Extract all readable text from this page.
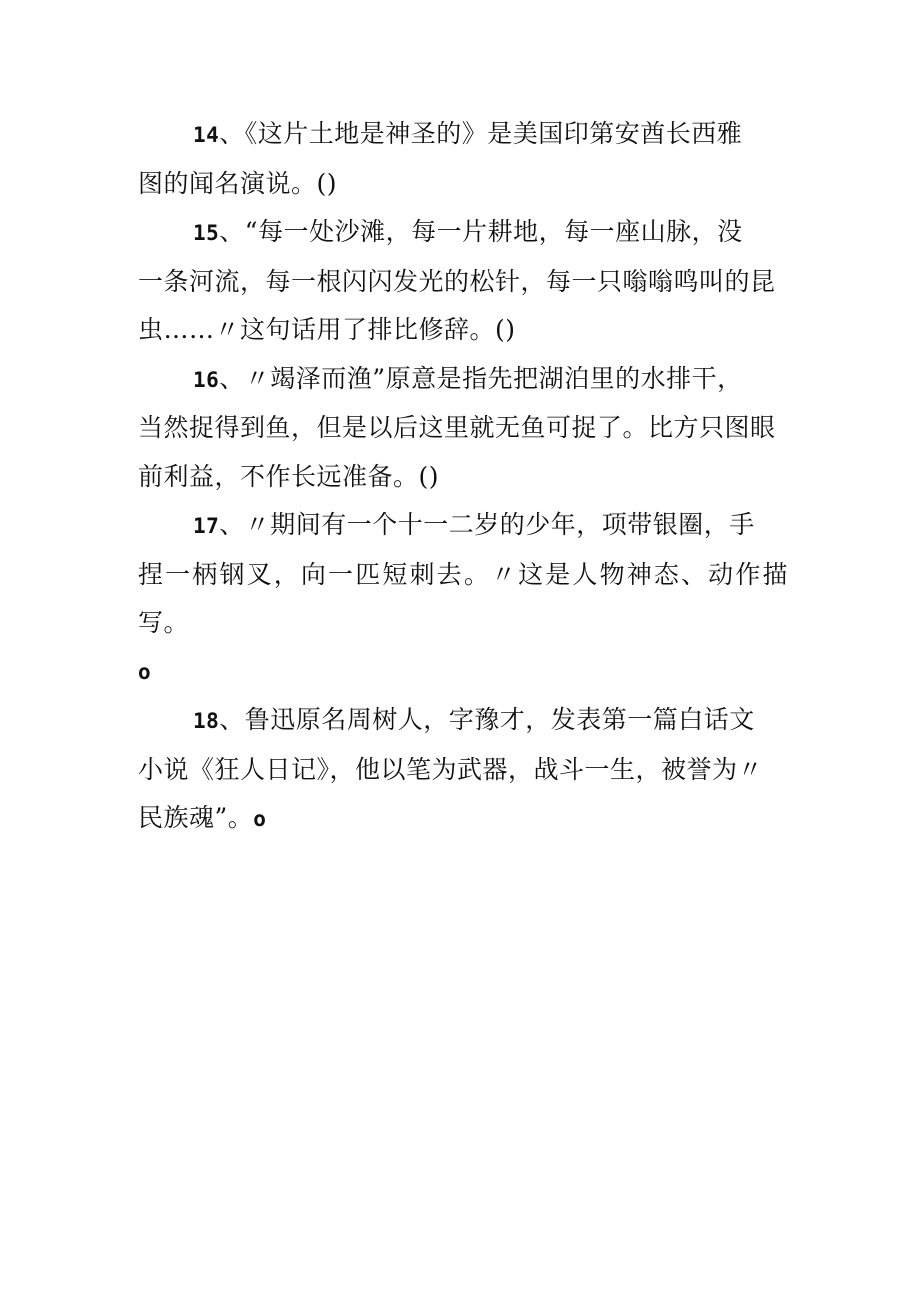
14、《这片土地是神圣的》是美国印第安酋长西雅
图的闻名演说。()

15、“每一处沙滩，每一片耕地，每一座山脉，没
一条河流，每一根闪闪发光的松针，每一只嗡嗡鸣叫的昆
虫……〃这句话用了排比修辞。()

16、〃竭泽而渔”原意是指先把湖泊里的水排干，
当然捉得到鱼，但是以后这里就无鱼可捉了。比方只图眼
前利益，不作长远准备。()

17、〃期间有一个十一二岁的少年，项带银圈，手
捏一柄钢叉，向一匹短刺去。〃这是人物神态、动作描写。
o

18、鲁迅原名周树人，字豫才，发表第一篇白话文
小说《狂人日记》，他以笔为武器，战斗一生，被誉为〃
民族魂”。o
